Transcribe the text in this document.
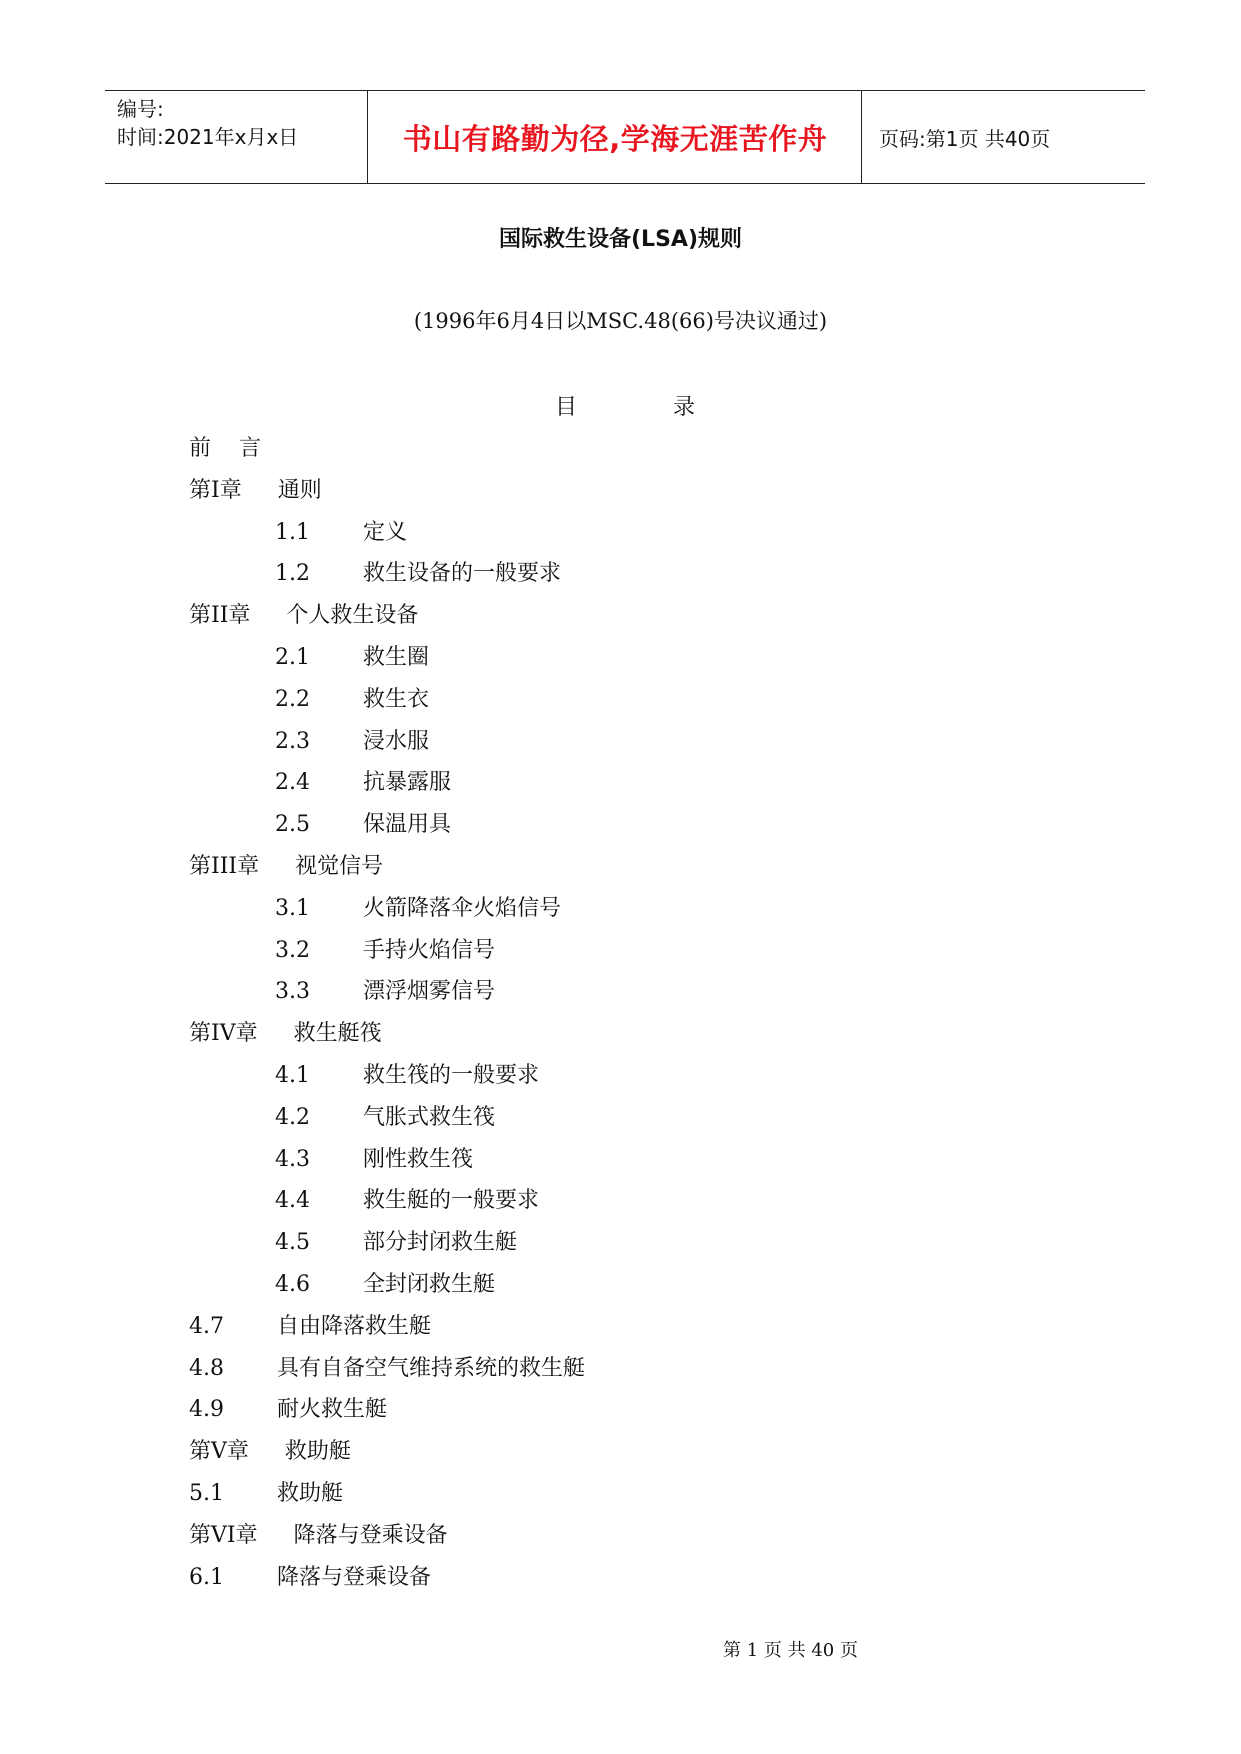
编号:
时间:2021年x月x日	书山有路勤为径,学海无涯苦作舟	页码:第1页 共40页
国际救生设备(LSA)规则
(1996年6月4日以MSC.48(66)号决议通过)
目	录
前    言
第I章 通则
1.1 定义
1.2 救生设备的一般要求
第II章 个人救生设备
2.1 救生圈
2.2 救生衣
2.3 浸水服
2.4 抗暴露服
2.5 保温用具
第III章 视觉信号
3.1 火箭降落伞火焰信号
3.2 手持火焰信号
3.3 漂浮烟雾信号
第IV章 救生艇筏
4.1 救生筏的一般要求
4.2 气胀式救生筏
4.3 刚性救生筏
4.4 救生艇的一般要求
4.5 部分封闭救生艇
4.6 全封闭救生艇
4.7 自由降落救生艇
4.8 具有自备空气维持系统的救生艇
4.9 耐火救生艇
第V章 救助艇
5.1 救助艇
第VI章 降落与登乘设备
6.1 降落与登乘设备
第 1 页 共 40 页
